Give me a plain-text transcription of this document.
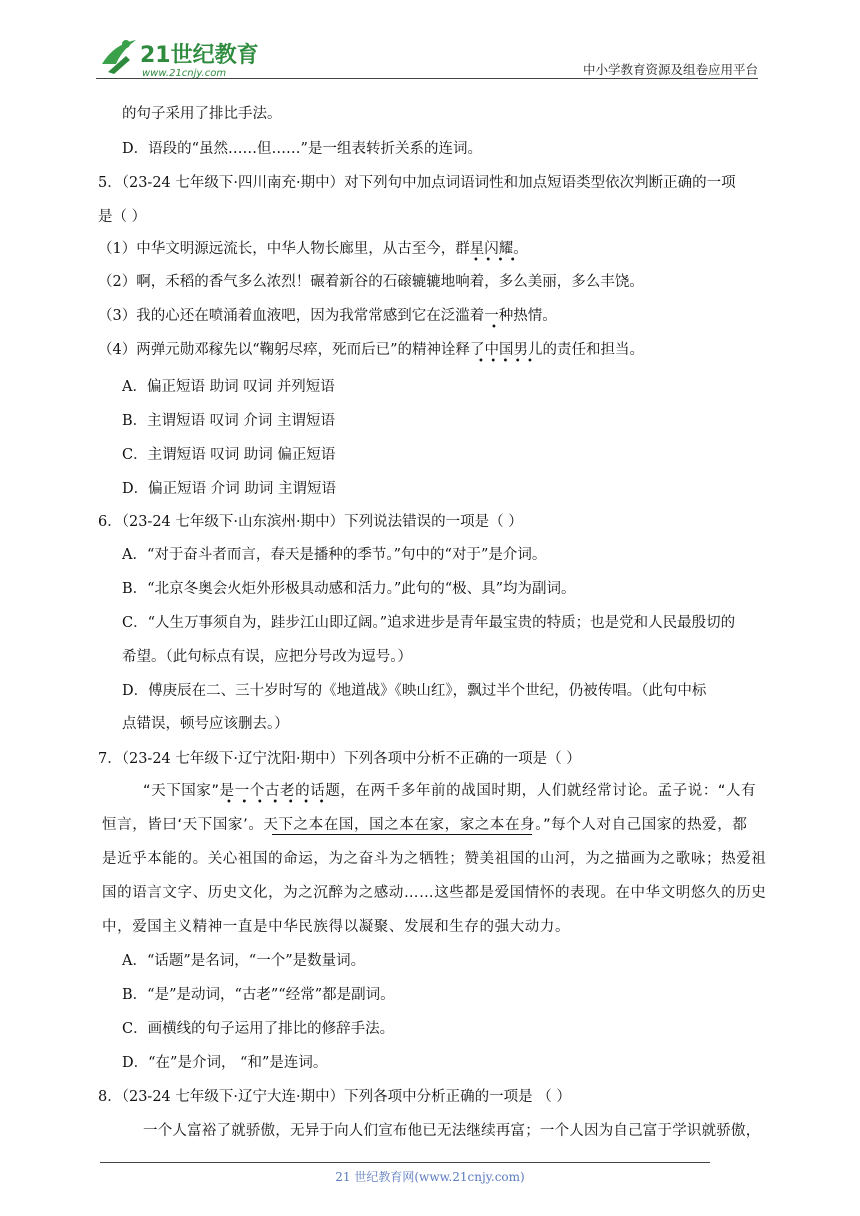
21世纪教育
www.21cnjy.com	中小学教育资源及组卷应用平台
的句子采用了排比手法。
D．语段的“虽然……但……”是一组表转折关系的连词。
5．（23-24 七年级下·四川南充·期中）对下列句中加点词语词性和加点短语类型依次判断正确的一项
是（ ）
（1）中华文明源远流长，中华人物长廊里，从古至今，群星闪耀。
•  •  •  •
（2）啊，禾稻的香气多么浓烈！碾着新谷的石磙辘辘地响着，多么美丽，多么丰饶。
（3）我的心还在喷涌着血液吧，因为我常常感到它在泛滥着一种热情。
•
（4）两弹元勋邓稼先以“鞠躬尽瘁，死而后已”的精神诠释了中国男儿的责任和担当。
•  •  •  •  •
A．偏正短语 助词 叹词 并列短语
B．主谓短语 叹词 介词 主谓短语
C．主谓短语 叹词 助词 偏正短语
D．偏正短语 介词 助词 主谓短语
6．（23-24 七年级下·山东滨州·期中）下列说法错误的一项是（ ）
A．“对于奋斗者而言，春天是播种的季节。”句中的“对于”是介词。
B．“北京冬奥会火炬外形极具动感和活力。”此句的“极、具”均为副词。
C．“人生万事须自为，跬步江山即辽阔。”追求进步是青年最宝贵的特质；也是党和人民最殷切的
希望。（此句标点有误，应把分号改为逗号。）
D．傅庚辰在二、三十岁时写的《地道战》《映山红》，飘过半个世纪，仍被传唱。（此句中标
点错误，顿号应该删去。）
7．（23-24 七年级下·辽宁沈阳·期中）下列各项中分析不正确的一项是（ ）
“天下国家”是一个古老的话题，在两千多年前的战国时期，人们就经常讨论。孟子说：“人有
•   •   •   •   •   •   •
恒言，皆曰‘天下国家’。天下之本在国，国之本在家，家之本在身。”每个人对自己国家的热爱，都
是近乎本能的。关心祖国的命运，为之奋斗为之牺牲；赞美祖国的山河，为之描画为之歌咏；热爱祖
国的语言文字、历史文化，为之沉醉为之感动……这些都是爱国情怀的表现。在中华文明悠久的历史
中，爱国主义精神一直是中华民族得以凝聚、发展和生存的强大动力。
A．“话题”是名词，“一个”是数量词。
B．“是”是动词，“古老”“经常”都是副词。
C．画横线的句子运用了排比的修辞手法。
D．“在”是介词， “和”是连词。
8．（23-24 七年级下·辽宁大连·期中）下列各项中分析正确的一项是 （ ）
一个人富裕了就骄傲，无异于向人们宣布他已无法继续再富；一个人因为自己富于学识就骄傲，
21 世纪教育网(www.21cnjy.com)
